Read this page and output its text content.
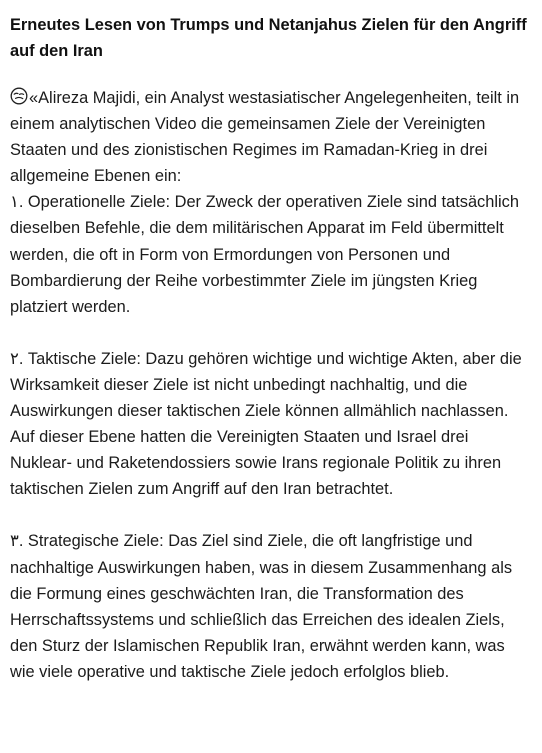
Erneutes Lesen von Trumps und Netanjahus Zielen für den Angriff auf den Iran

«Alireza Majidi, ein Analyst westasiatischer Angelegenheiten, teilt in einem analytischen Video die gemeinsamen Ziele der Vereinigten Staaten und des zionistischen Regimes im Ramadan-Krieg in drei allgemeine Ebenen ein:

١. Operationelle Ziele: Der Zweck der operativen Ziele sind tatsächlich dieselben Befehle, die dem militärischen Apparat im Feld übermittelt werden, die oft in Form von Ermordungen von Personen und Bombardierung der Reihe vorbestimmter Ziele im jüngsten Krieg platziert werden.

٢. Taktische Ziele: Dazu gehören wichtige und wichtige Akten, aber die Wirksamkeit dieser Ziele ist nicht unbedingt nachhaltig, und die Auswirkungen dieser taktischen Ziele können allmählich nachlassen. Auf dieser Ebene hatten die Vereinigten Staaten und Israel drei Nuklear- und Raketendossiers sowie Irans regionale Politik zu ihren taktischen Zielen zum Angriff auf den Iran betrachtet.

٣. Strategische Ziele: Das Ziel sind Ziele, die oft langfristige und nachhaltige Auswirkungen haben, was in diesem Zusammenhang als die Formung eines geschwächten Iran, die Transformation des Herrschaftssystems und schließlich das Erreichen des idealen Ziels, den Sturz der Islamischen Republik Iran, erwähnt werden kann, was wie viele operative und taktische Ziele jedoch erfolglos blieb.
